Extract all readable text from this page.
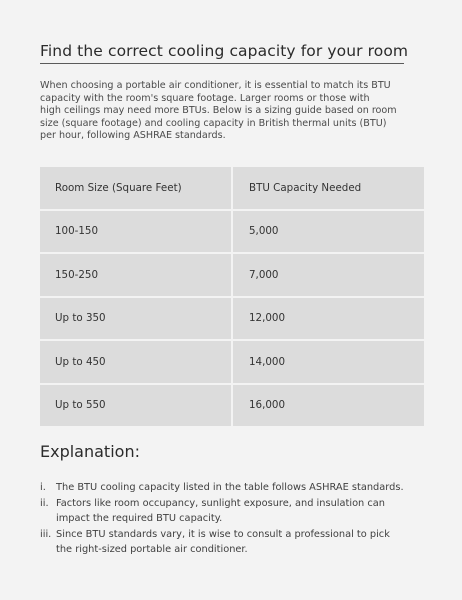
Find the correct cooling capacity for your room

When choosing a portable air conditioner, it is essential to match its BTU
capacity with the room's square footage. Larger rooms or those with
high ceilings may need more BTUs. Below is a sizing guide based on room
size (square footage) and cooling capacity in British thermal units (BTU)
per hour, following ASHRAE standards.

Room Size (Square Feet)	BTU Capacity Needed
100-150	5,000
150-250	7,000
Up to 350	12,000
Up to 450	14,000
Up to 550	16,000
Explanation:
i. The BTU cooling capacity listed in the table follows ASHRAE standards.
ii. Factors like room occupancy, sunlight exposure, and insulation can
impact the required BTU capacity.
iii. Since BTU standards vary, it is wise to consult a professional to pick
the right-sized portable air conditioner.
